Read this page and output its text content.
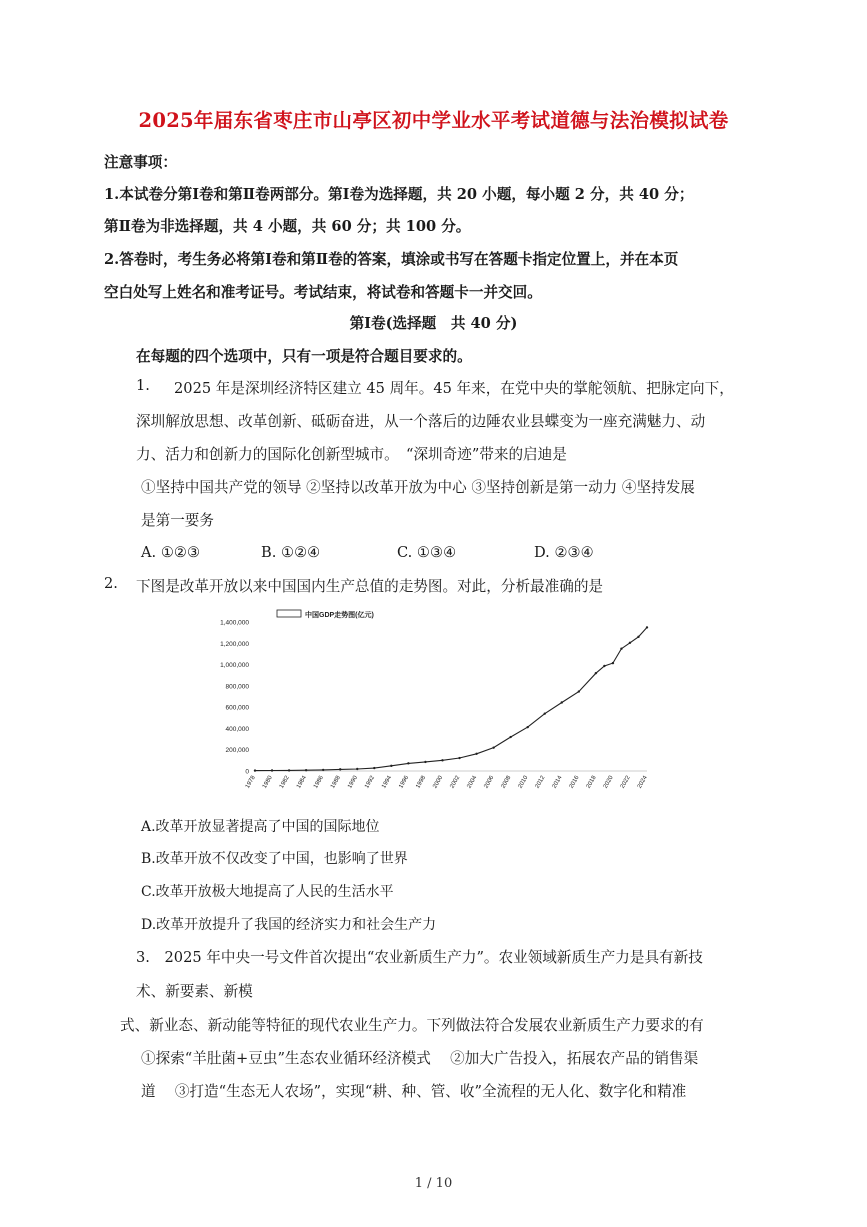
2025年届东省枣庄市山亭区初中学业水平考试道德与法治模拟试卷
注意事项：
1.本试卷分第Ⅰ卷和第Ⅱ卷两部分。第Ⅰ卷为选择题，共 20 小题，每小题 2 分，共 40 分；
第Ⅱ卷为非选择题，共 4 小题，共 60 分；共 100 分。
2.答卷时，考生务必将第Ⅰ卷和第Ⅱ卷的答案，填涂或书写在答题卡指定位置上，并在本页
空白处写上姓名和准考证号。考试结束，将试卷和答题卡一并交回。
第Ⅰ卷(选择题　共 40 分)
在每题的四个选项中，只有一项是符合题目要求的。
1. 2025 年是深圳经济特区建立 45 周年。45 年来，在党中央的掌舵领航、把脉定向下，
深圳解放思想、改革创新、砥砺奋进，从一个落后的边陲农业县蝶变为一座充满魅力、动
力、活力和创新力的国际化创新型城市。　“深圳奇迹”带来的启迪是
①坚持中国共产党的领导 ②坚持以改革开放为中心 ③坚持创新是第一动力 ④坚持发展
是第一要务
A. ①②③	B. ①②④	C. ①③④	D. ②③④
2. 下图是改革开放以来中国国内生产总值的走势图。对此，分析最准确的是
0
200,000
400,000
600,000
800,000
1,000,000
1,200,000
1,400,000
1978 1980 1982 1984 1986 1988 1990 1992 1994 1996 1998 2000 2002 2004 2006 2008 2010 2012 2014 2016 2018 2020 2022 2024
中国GDP走势图(亿元)
A.改革开放显著提高了中国的国际地位
B.改革开放不仅改变了中国，也影响了世界
C.改革开放极大地提高了人民的生活水平
D.改革开放提升了我国的经济实力和社会生产力
3.　2025 年中央一号文件首次提出“农业新质生产力”。农业领域新质生产力是具有新技
术、新要素、新模
式、新业态、新动能等特征的现代农业生产力。下列做法符合发展农业新质生产力要求的有
①探索“羊肚菌+豆虫”生态农业循环经济模式　 ②加大广告投入，拓展农产品的销售渠
道　 ③打造“生态无人农场”，实现“耕、种、管、收”全流程的无人化、数字化和精准
1 / 10
